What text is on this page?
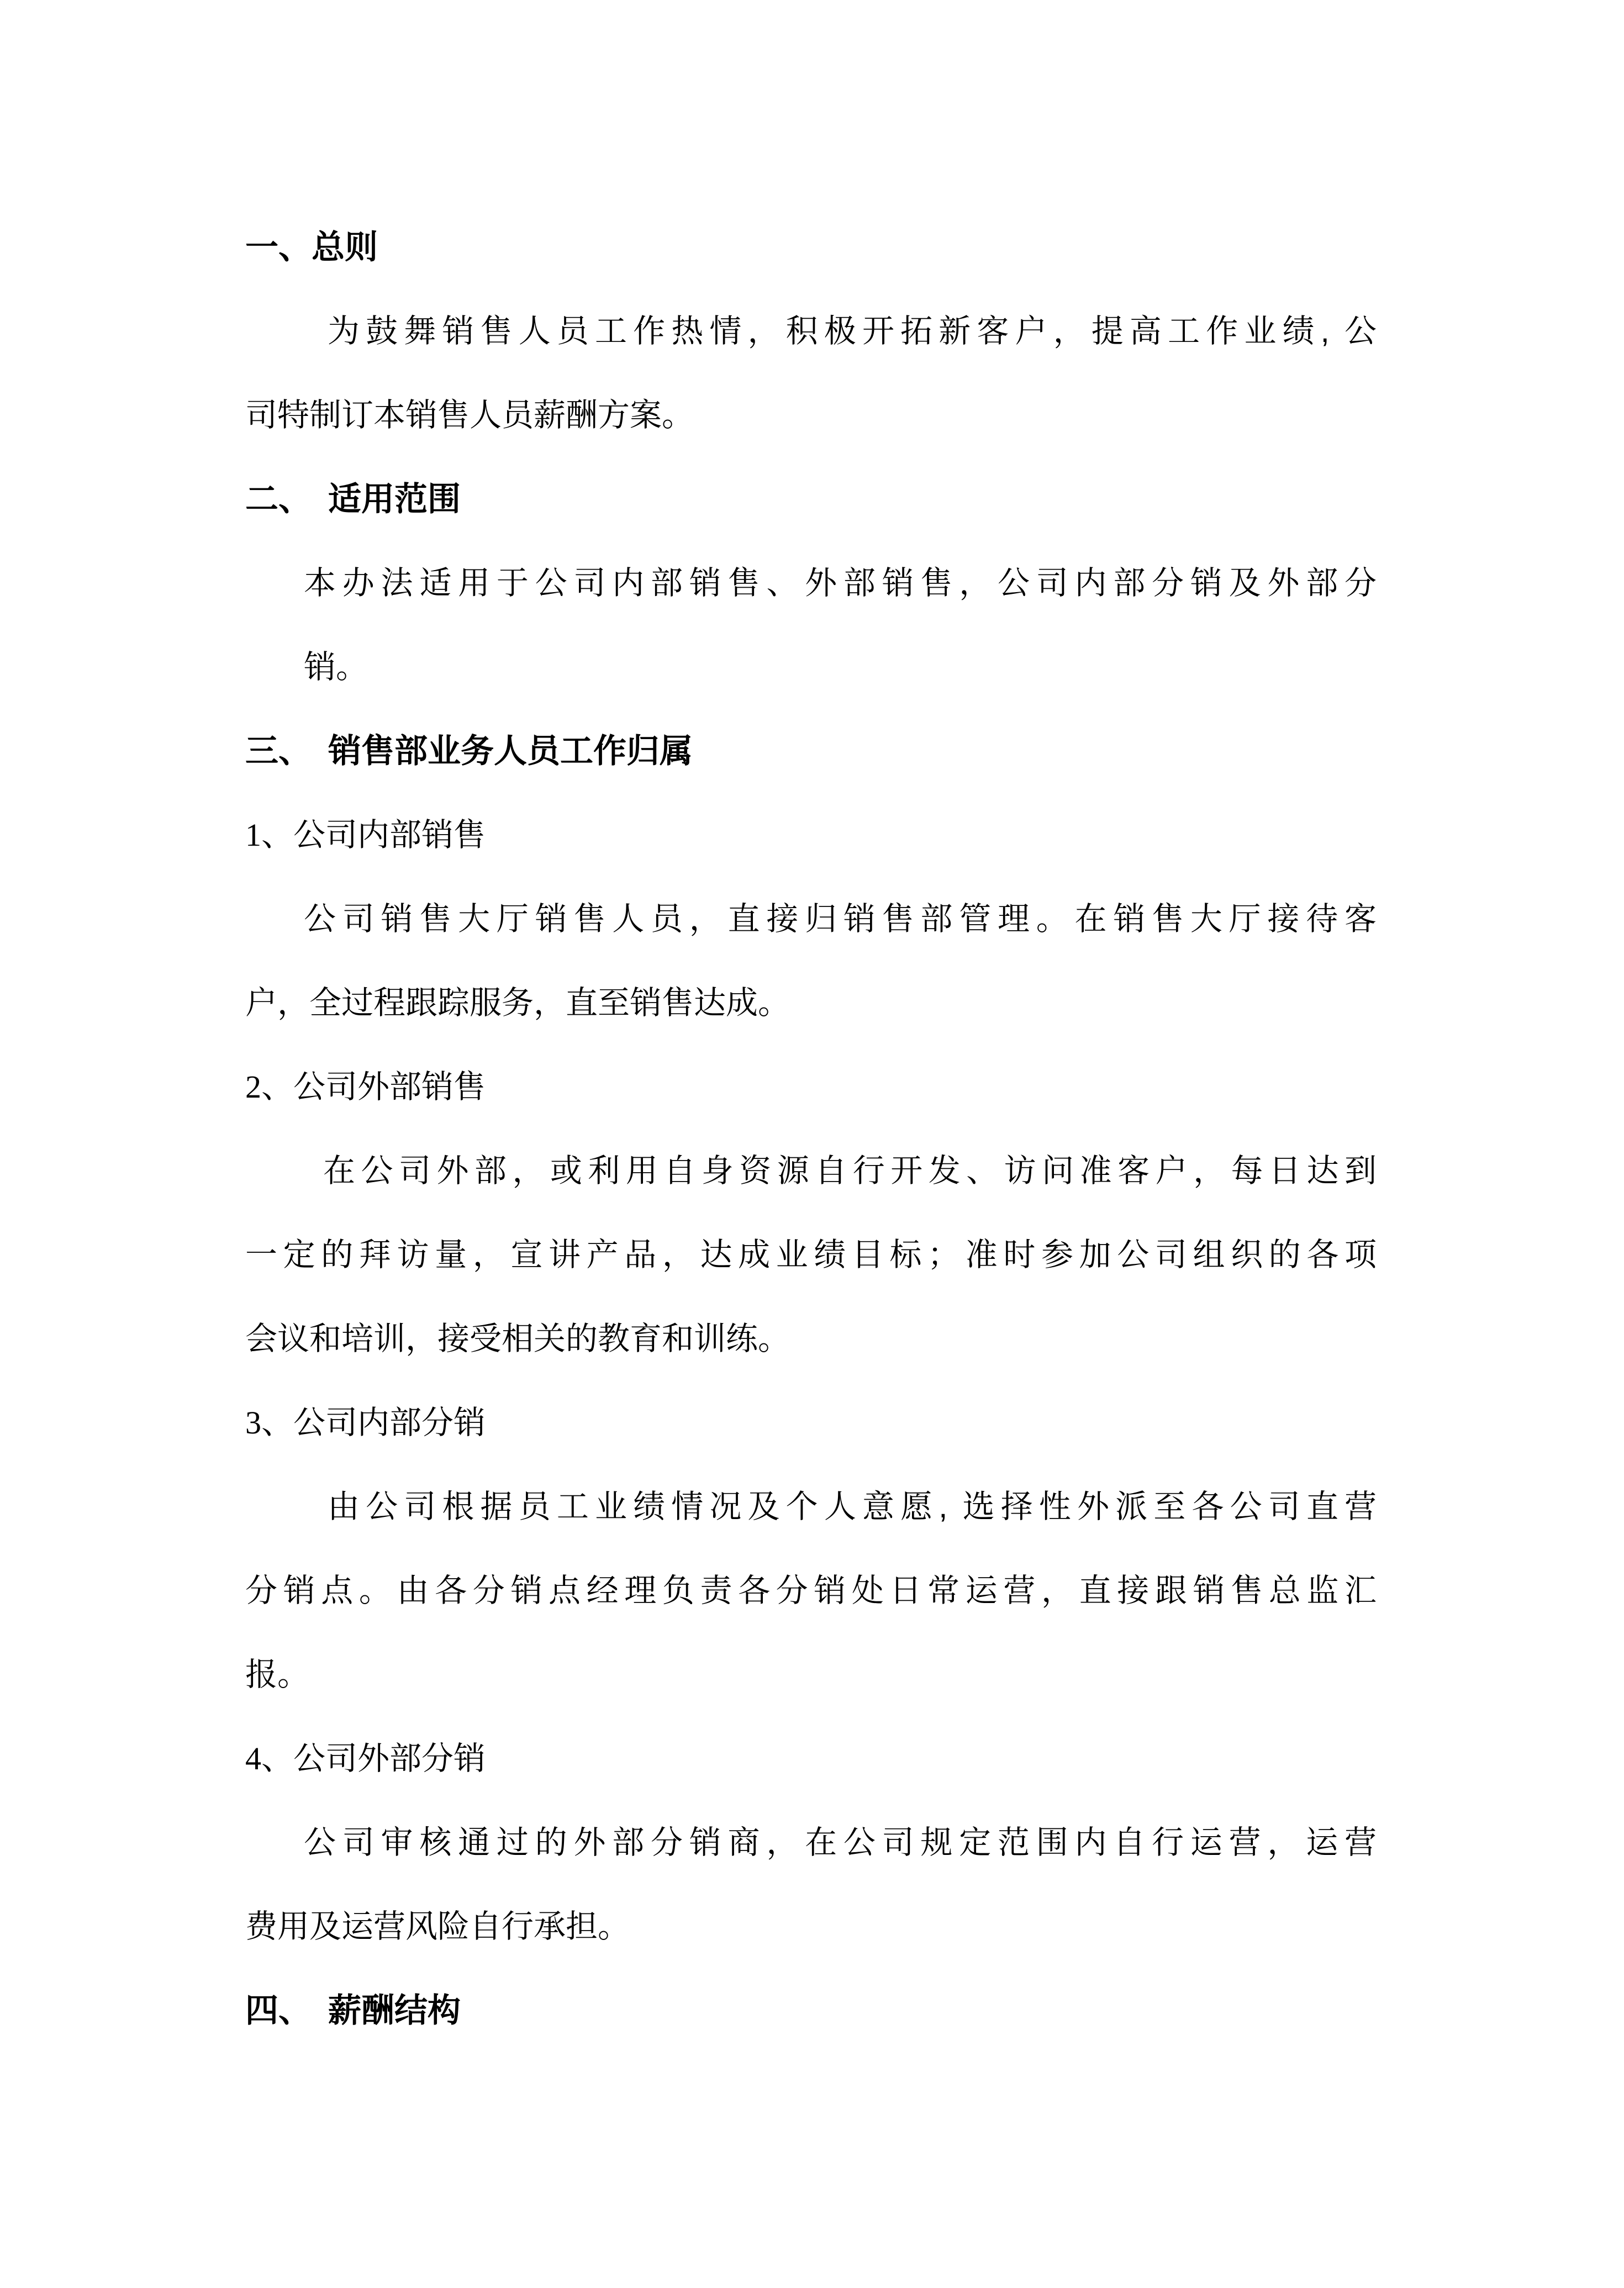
一、总则
为鼓舞销售人员工作热情，积极开拓新客户，提高工作业绩, 公
司特制订本销售人员薪酬方案。
二、　适用范围
本办法适用于公司内部销售、外部销售，公司内部分销及外部分
销。
三、　销售部业务人员工作归属
1、公司内部销售
公司销售大厅销售人员，直接归销售部管理。在销售大厅接待客
户，全过程跟踪服务，直至销售达成。
2、公司外部销售
在公司外部，或利用自身资源自行开发、访问准客户，每日达到
一定的拜访量，宣讲产品，达成业绩目标；准时参加公司组织的各项
会议和培训，接受相关的教育和训练。
3、公司内部分销
由公司根据员工业绩情况及个人意愿, 选择性外派至各公司直营
分销点。由各分销点经理负责各分销处日常运营，直接跟销售总监汇
报。
4、公司外部分销
公司审核通过的外部分销商，在公司规定范围内自行运营，运营
费用及运营风险自行承担。
四、　薪酬结构
